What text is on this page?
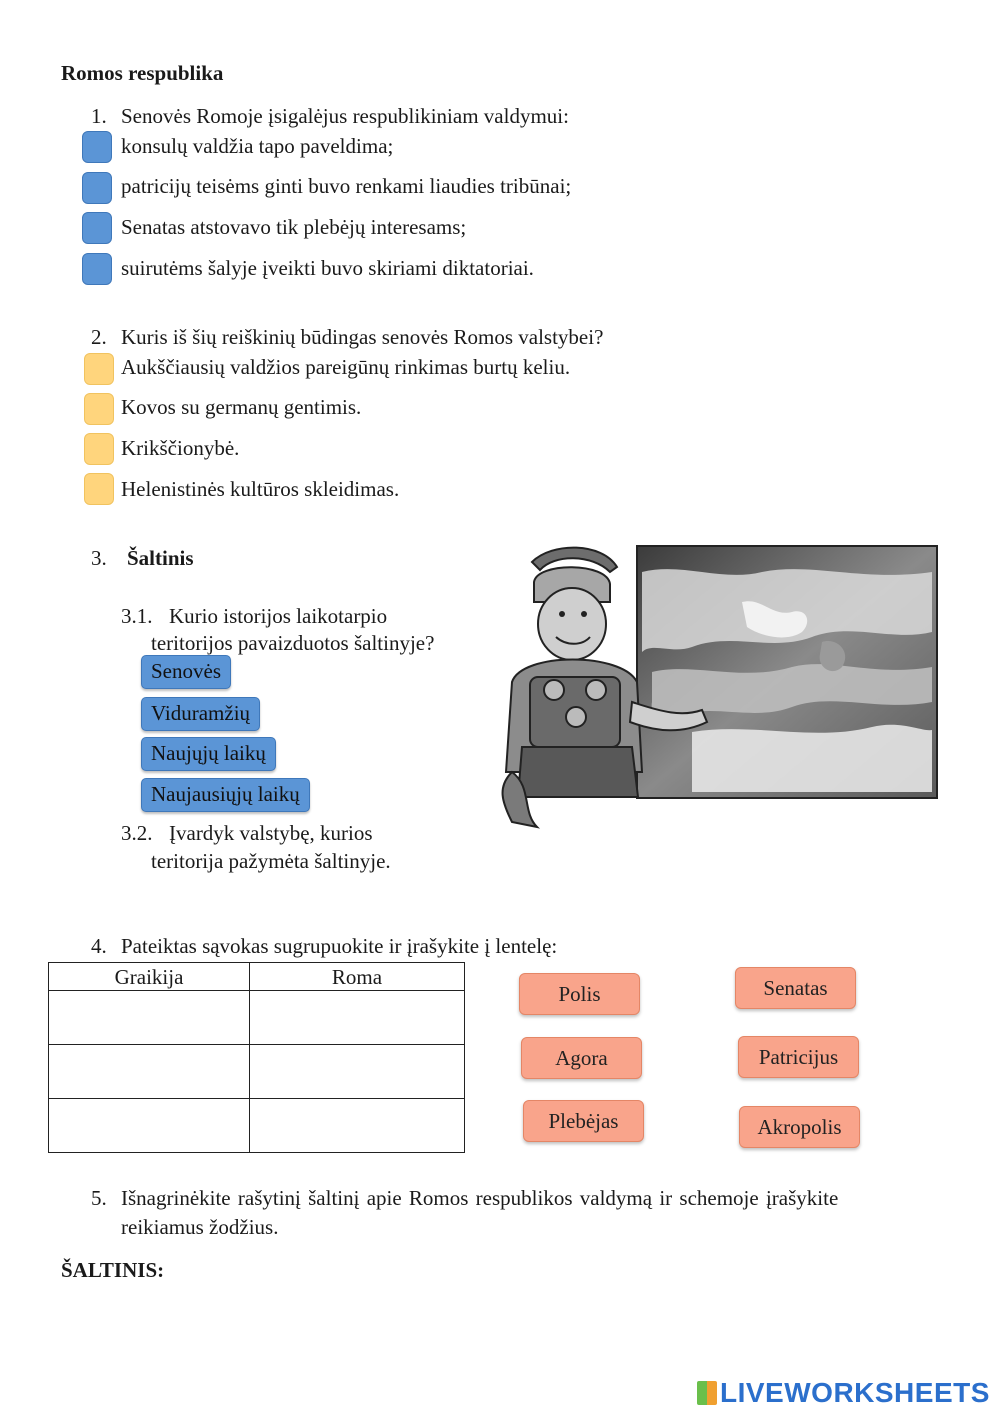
Romos respublika
1. Senovės Romoje įsigalėjus respublikiniam valdymui:
konsulų valdžia tapo paveldima;
patricijų teisėms ginti buvo renkami liaudies tribūnai;
Senatas atstovavo tik plebėjų interesams;
suirutėms šalyje įveikti buvo skiriami diktatoriai.
2. Kuris iš šių reiškinių būdingas senovės Romos valstybei?
Aukščiausių valdžios pareigūnų rinkimas burtų keliu.
Kovos su germanų gentimis.
Krikščionybė.
Helenistinės kultūros skleidimas.
3. Šaltinis
3.1. Kurio istorijos laikotarpio
teritorijos pavaizduotos šaltinyje?
Senovės
Viduramžių
Naujųjų laikų
Naujausiųjų laikų
3.2. Įvardyk valstybę, kurios
teritorija pažymėta šaltinyje.
4. Pateiktas sąvokas sugrupuokite ir įrašykite į lentelę:
Graikija	Roma

Polis	Senatas
Agora	Patricijus
Plebėjas	Akropolis
5. Išnagrinėkite rašytinį šaltinį apie Romos respublikos valdymą ir schemoje įrašykite
reikiamus žodžius.
ŠALTINIS:
LIVEWORKSHEETS
